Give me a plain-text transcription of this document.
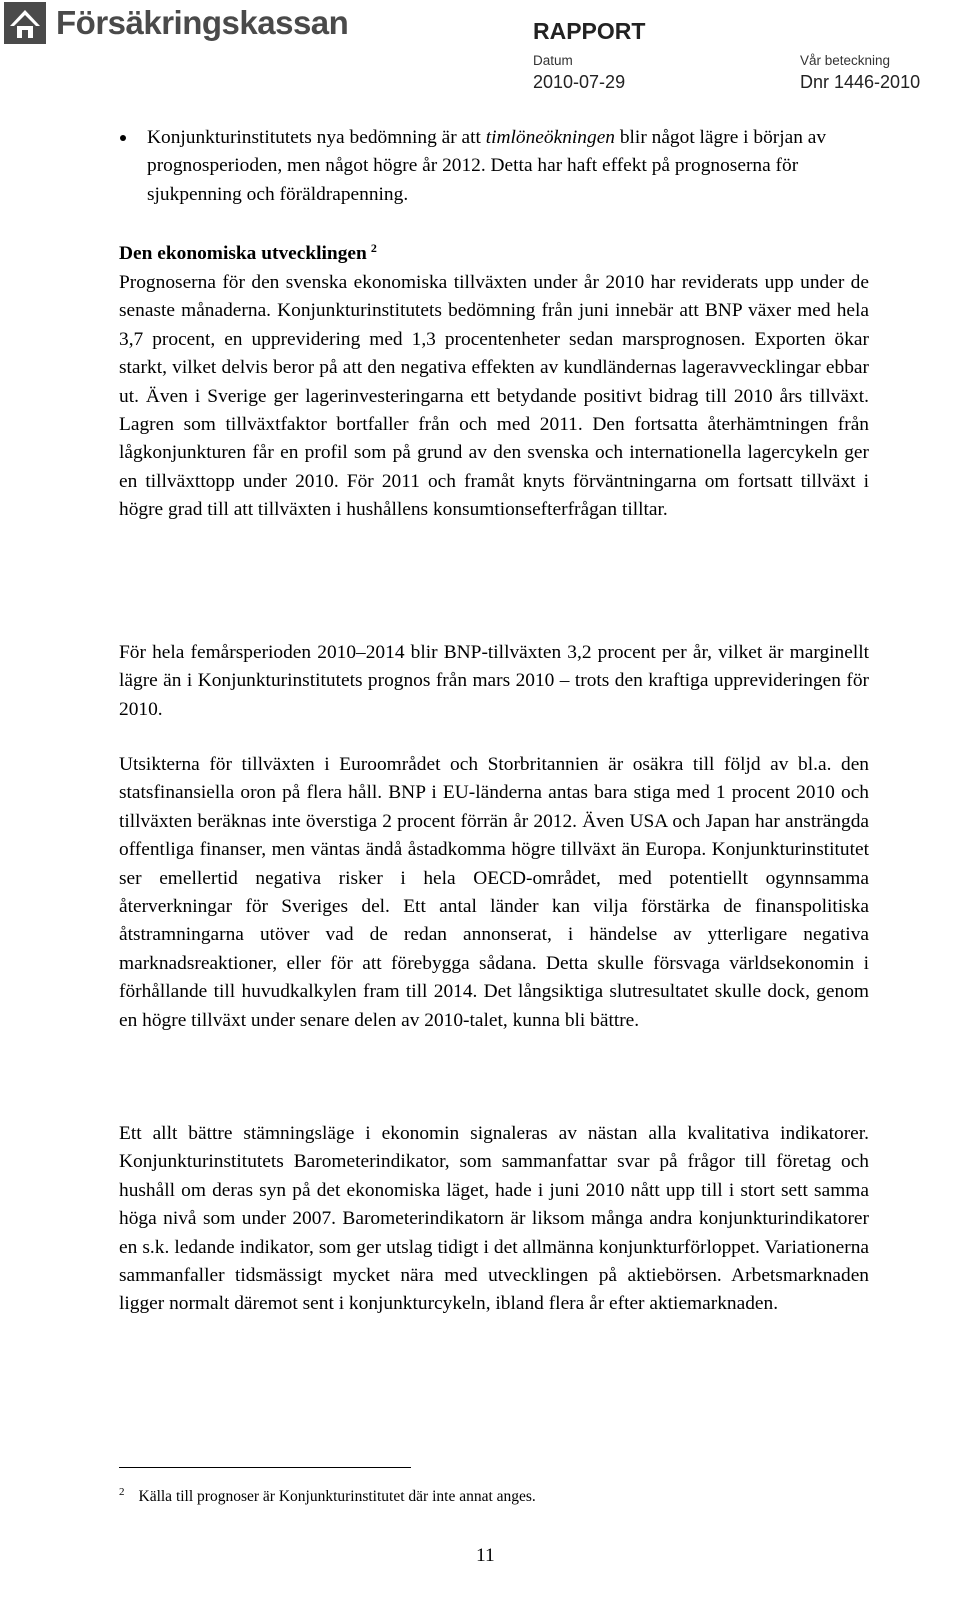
Försäkringskassan	RAPPORT
Datum	Vår beteckning
2010-07-29	Dnr 1446-2010
Konjunkturinstitutets nya bedömning är att timlöneökningen blir något lägre i början av prognosperioden, men något högre år 2012. Detta har haft effekt på prognoserna för sjukpenning och föräldrapenning.
Den ekonomiska utvecklingen $^2$

Prognoserna för den svenska ekonomiska tillväxten under år 2010 har reviderats upp under de senaste månaderna. Konjunkturinstitutets bedömning från juni innebär att BNP växer med hela 3,7 procent, en upprevidering med 1,3 procentenheter sedan marsprognosen. Exporten ökar starkt, vilket delvis beror på att den negativa effekten av kundländernas lageravvecklingar ebbar ut. Även i Sverige ger lagerinvesteringarna ett betydande positivt bidrag till 2010 års tillväxt. Lagren som tillväxtfaktor bortfaller från och med 2011. Den fortsatta återhämtningen från lågkonjunkturen får en profil som på grund av den svenska och internationella lagercykeln ger en tillväxttopp under 2010. För 2011 och framåt knyts förväntningarna om fortsatt tillväxt i högre grad till att tillväxten i hushållens konsumtionsefterfrågan tilltar.

För hela femårsperioden 2010–2014 blir BNP-tillväxten 3,2 procent per år, vilket är marginellt lägre än i Konjunkturinstitutets prognos från mars 2010 – trots den kraftiga upprevideringen för 2010.

Utsikterna för tillväxten i Euroområdet och Storbritannien är osäkra till följd av bl.a. den statsfinansiella oron på flera håll. BNP i EU-länderna antas bara stiga med 1 procent 2010 och tillväxten beräknas inte överstiga 2 procent förrän år 2012. Även USA och Japan har ansträngda offentliga finanser, men väntas ändå åstadkomma högre tillväxt än Europa. Konjunkturinstitutet ser emellertid negativa risker i hela OECD-området, med potentiellt ogynnsamma återverkningar för Sveriges del. Ett antal länder kan vilja förstärka de finanspolitiska åtstramningarna utöver vad de redan annonserat, i händelse av ytterligare negativa marknadsreaktioner, eller för att förebygga sådana. Detta skulle försvaga världsekonomin i förhållande till huvudkalkylen fram till 2014. Det långsiktiga slutresultatet skulle dock, genom en högre tillväxt under senare delen av 2010-talet, kunna bli bättre.

Ett allt bättre stämningsläge i ekonomin signaleras av nästan alla kvalitativa indikatorer. Konjunkturinstitutets Barometerindikator, som sammanfattar svar på frågor till företag och hushåll om deras syn på det ekonomiska läget, hade i juni 2010 nått upp till i stort sett samma höga nivå som under 2007. Barometerindikatorn är liksom många andra konjunkturindikatorer en s.k. ledande indikator, som ger utslag tidigt i det allmänna konjunkturförloppet. Variationerna sammanfaller tidsmässigt mycket nära med utvecklingen på aktiebörsen. Arbetsmarknaden ligger normalt däremot sent i konjunkturcykeln, ibland flera år efter aktiemarknaden.

$^2$ Källa till prognoser är Konjunkturinstitutet där inte annat anges.
11
